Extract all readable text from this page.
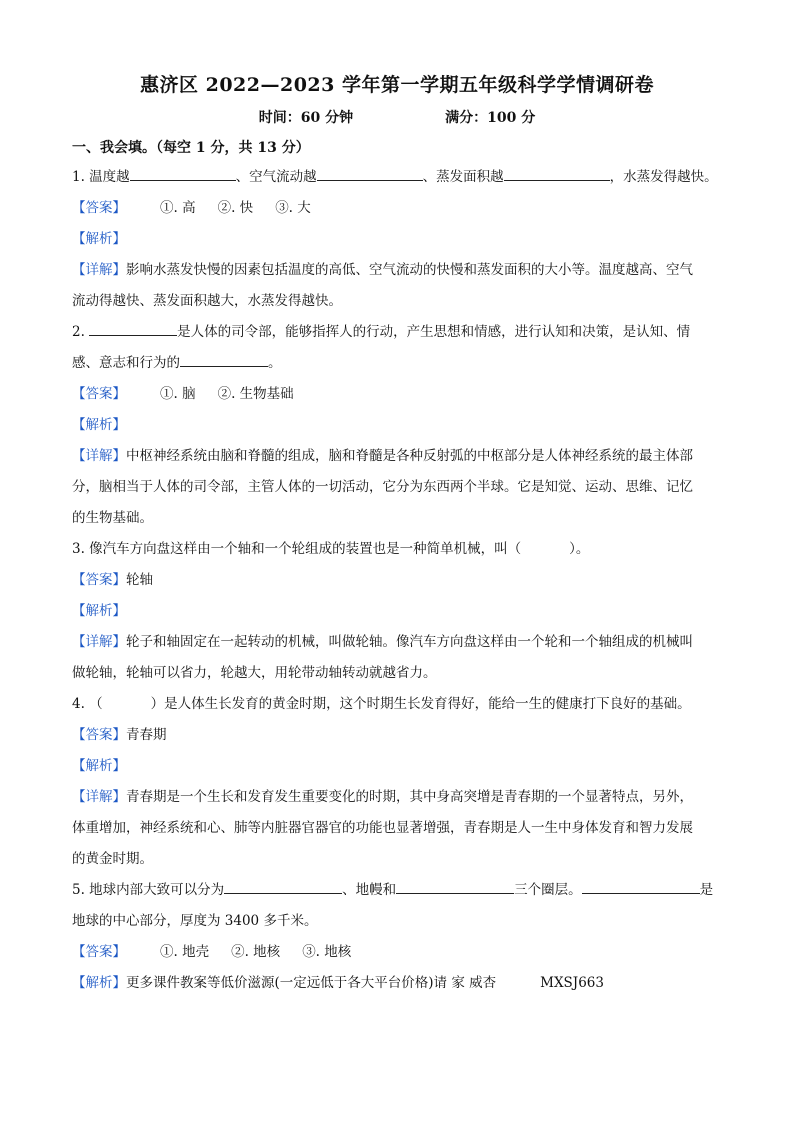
惠济区 2022—2023 学年第一学期五年级科学学情调研卷
时间：60 分钟	满分：100 分
一、我会填。（每空 1 分，共 13 分）
1. 温度越	、空气流动越	、蒸发面积越	，水蒸发得越快。
【答案】	①. 高 ②. 快 ③. 大
【解析】
【详解】影响水蒸发快慢的因素包括温度的高低、空气流动的快慢和蒸发面积的大小等。温度越高、空气
流动得越快、蒸发面积越大，水蒸发得越快。
2.	是人体的司令部，能够指挥人的行动，产生思想和情感，进行认知和决策，是认知、情
感、意志和行为的	。
【答案】	①. 脑 ②. 生物基础
【解析】
【详解】中枢神经系统由脑和脊髓的组成，脑和脊髓是各种反射弧的中枢部分是人体神经系统的最主体部
分，脑相当于人体的司令部，主管人体的一切活动，它分为东西两个半球。它是知觉、运动、思维、记忆
的生物基础。
3. 像汽车方向盘这样由一个轴和一个轮组成的装置也是一种简单机械，叫（	）。
【答案】轮轴
【解析】
【详解】轮子和轴固定在一起转动的机械，叫做轮轴。像汽车方向盘这样由一个轮和一个轴组成的机械叫
做轮轴，轮轴可以省力，轮越大，用轮带动轴转动就越省力。
4. （	）是人体生长发育的黄金时期，这个时期生长发育得好，能给一生的健康打下良好的基础。
【答案】青春期
【解析】
【详解】青春期是一个生长和发育发生重要变化的时期，其中身高突增是青春期的一个显著特点，另外，
体重增加，神经系统和心、肺等内脏器官器官的功能也显著增强，青春期是人一生中身体发育和智力发展
的黄金时期。
5. 地球内部大致可以分为	、地幔和	三个圈层。	是
地球的中心部分，厚度为 3400 多千米。
【答案】	①. 地壳 ②. 地核 ③. 地核
【解析】更多课件教案等低价滋源(一定远低于各大平台价格)请 家 威杏	MXSJ663
